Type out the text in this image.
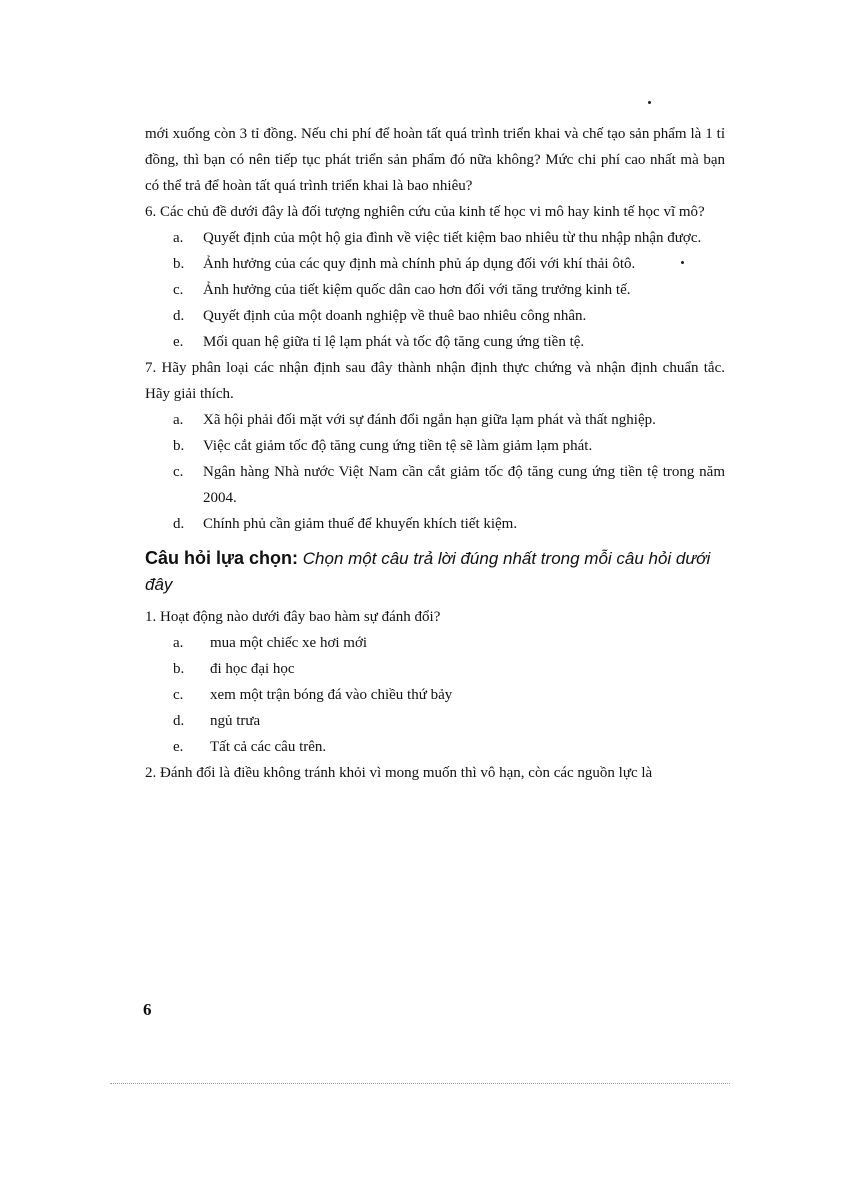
mới xuống còn 3 tỉ đồng. Nếu chi phí để hoàn tất quá trình triển khai và chế tạo sản phẩm là 1 tỉ đồng, thì bạn có nên tiếp tục phát triển sản phẩm đó nữa không? Mức chi phí cao nhất mà bạn có thể trả để hoàn tất quá trình triển khai là bao nhiêu?

6. Các chủ đề dưới đây là đối tượng nghiên cứu của kinh tế học vi mô hay kinh tế học vĩ mô?

a. Quyết định của một hộ gia đình về việc tiết kiệm bao nhiêu từ thu nhập nhận được.
b. Ảnh hưởng của các quy định mà chính phủ áp dụng đối với khí thải ôtô.
c. Ảnh hưởng của tiết kiệm quốc dân cao hơn đối với tăng trưởng kinh tế.
d. Quyết định của một doanh nghiệp về thuê bao nhiêu công nhân.
e. Mối quan hệ giữa tỉ lệ lạm phát và tốc độ tăng cung ứng tiền tệ.

7. Hãy phân loại các nhận định sau đây thành nhận định thực chứng và nhận định chuẩn tắc. Hãy giải thích.

a. Xã hội phải đối mặt với sự đánh đổi ngắn hạn giữa lạm phát và thất nghiệp.
b. Việc cắt giảm tốc độ tăng cung ứng tiền tệ sẽ làm giảm lạm phát.
c. Ngân hàng Nhà nước Việt Nam cần cắt giảm tốc độ tăng cung ứng tiền tệ trong năm 2004.
d. Chính phủ cần giảm thuế để khuyến khích tiết kiệm.

Câu hỏi lựa chọn: Chọn một câu trả lời đúng nhất trong mỗi câu hỏi dưới đây

1. Hoạt động nào dưới đây bao hàm sự đánh đổi?

a. mua một chiếc xe hơi mới
b. đi học đại học
c. xem một trận bóng đá vào chiều thứ bảy
d. ngủ trưa
e. Tất cả các câu trên.

2. Đánh đổi là điều không tránh khỏi vì mong muốn thì vô hạn, còn các nguồn lực là

6
